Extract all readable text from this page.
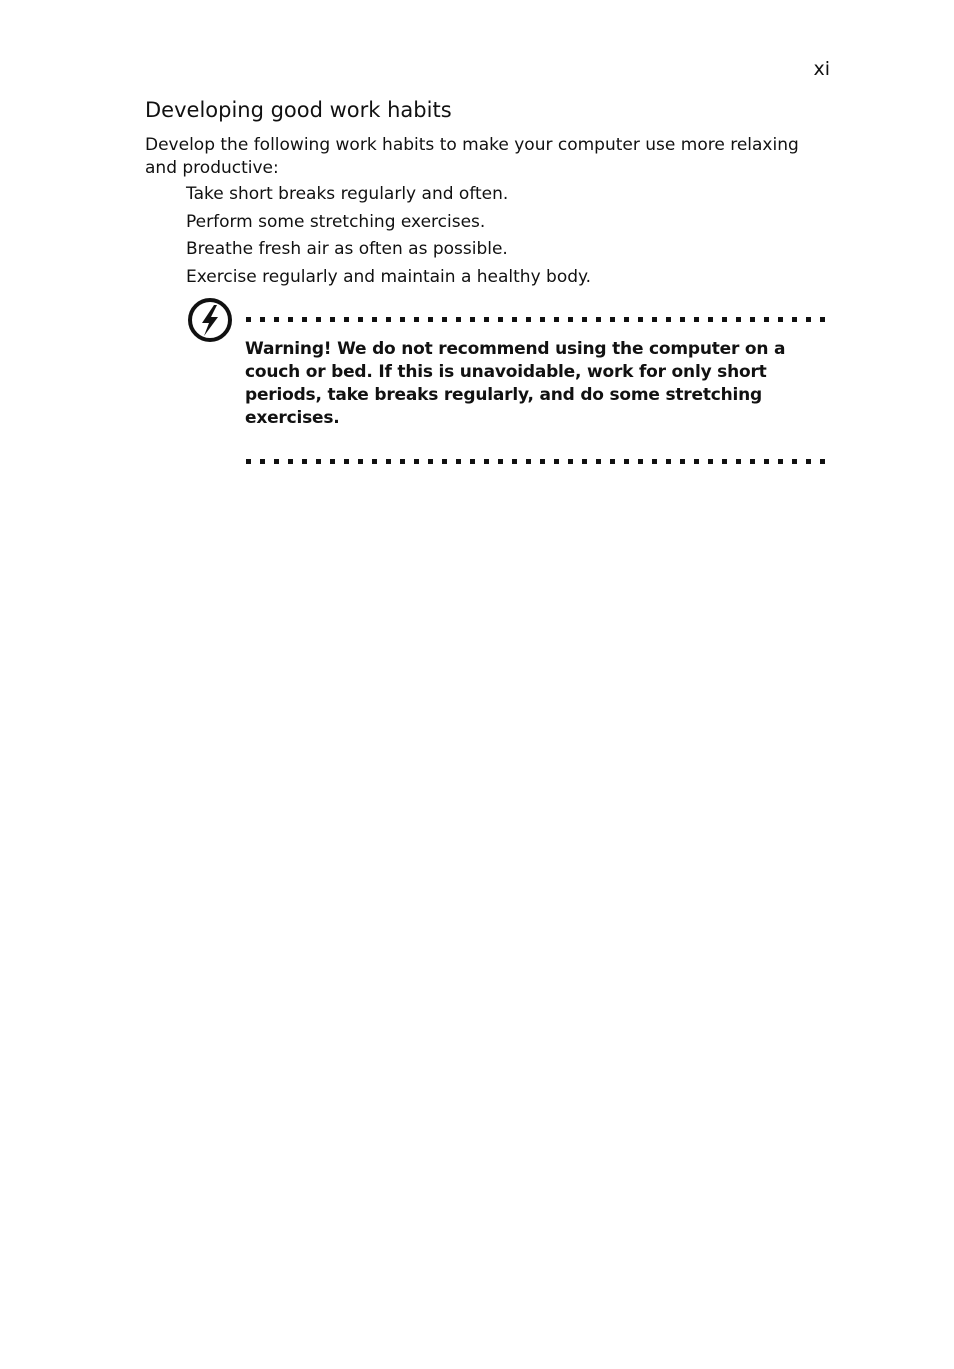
xi
Developing good work habits

Develop the following work habits to make your computer use more relaxing and productive:

Take short breaks regularly and often.
Perform some stretching exercises.
Breathe fresh air as often as possible.
Exercise regularly and maintain a healthy body.

Warning! We do not recommend using the computer on a couch or bed. If this is unavoidable, work for only short periods, take breaks regularly, and do some stretching exercises.
